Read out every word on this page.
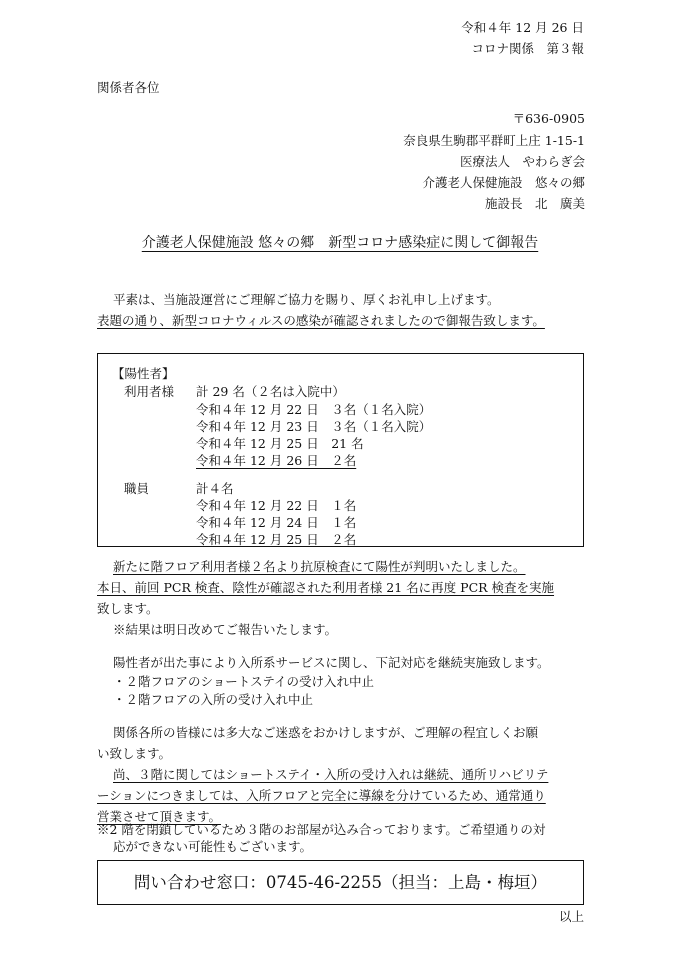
令和４年 12 月 26 日
コロナ関係　第３報
関係者各位
〒636-0905
奈良県生駒郡平群町上庄 1-15-1
医療法人　やわらぎ会
介護老人保健施設　悠々の郷
施設長　北　廣美
介護老人保健施設 悠々の郷　新型コロナ感染症に関して御報告
平素は、当施設運営にご理解ご協力を賜り、厚くお礼申し上げます。
表題の通り、新型コロナウィルスの感染が確認されましたので御報告致します。
【陽性者】
利用者様 計 29 名（２名は入院中）
令和４年 12 月 22 日　３名（１名入院）
令和４年 12 月 23 日　３名（１名入院）
令和４年 12 月 25 日　21 名
令和４年 12 月 26 日　２名
職員	計４名
令和４年 12 月 22 日　１名
令和４年 12 月 24 日　１名
令和４年 12 月 25 日　２名
新たに階フロア利用者様２名より抗原検査にて陽性が判明いたしました。
本日、前回 PCR 検査、陰性が確認された利用者様 21 名に再度 PCR 検査を実施
致します。
※結果は明日改めてご報告いたします。
陽性者が出た事により入所系サービスに関し、下記対応を継続実施致します。
・２階フロアのショートステイの受け入れ中止
・２階フロアの入所の受け入れ中止
関係各所の皆様には多大なご迷惑をおかけしますが、ご理解の程宜しくお願
い致します。
尚、３階に関してはショートステイ・入所の受け入れは継続、通所リハビリテ
ーションにつきましては、入所フロアと完全に導線を分けているため、通常通り
営業させて頂きます。
※2 階を閉鎖しているため３階のお部屋が込み合っております。ご希望通りの対
応ができない可能性もございます。
問い合わせ窓口：0745-46-2255（担当：上島・梅垣）
以上
